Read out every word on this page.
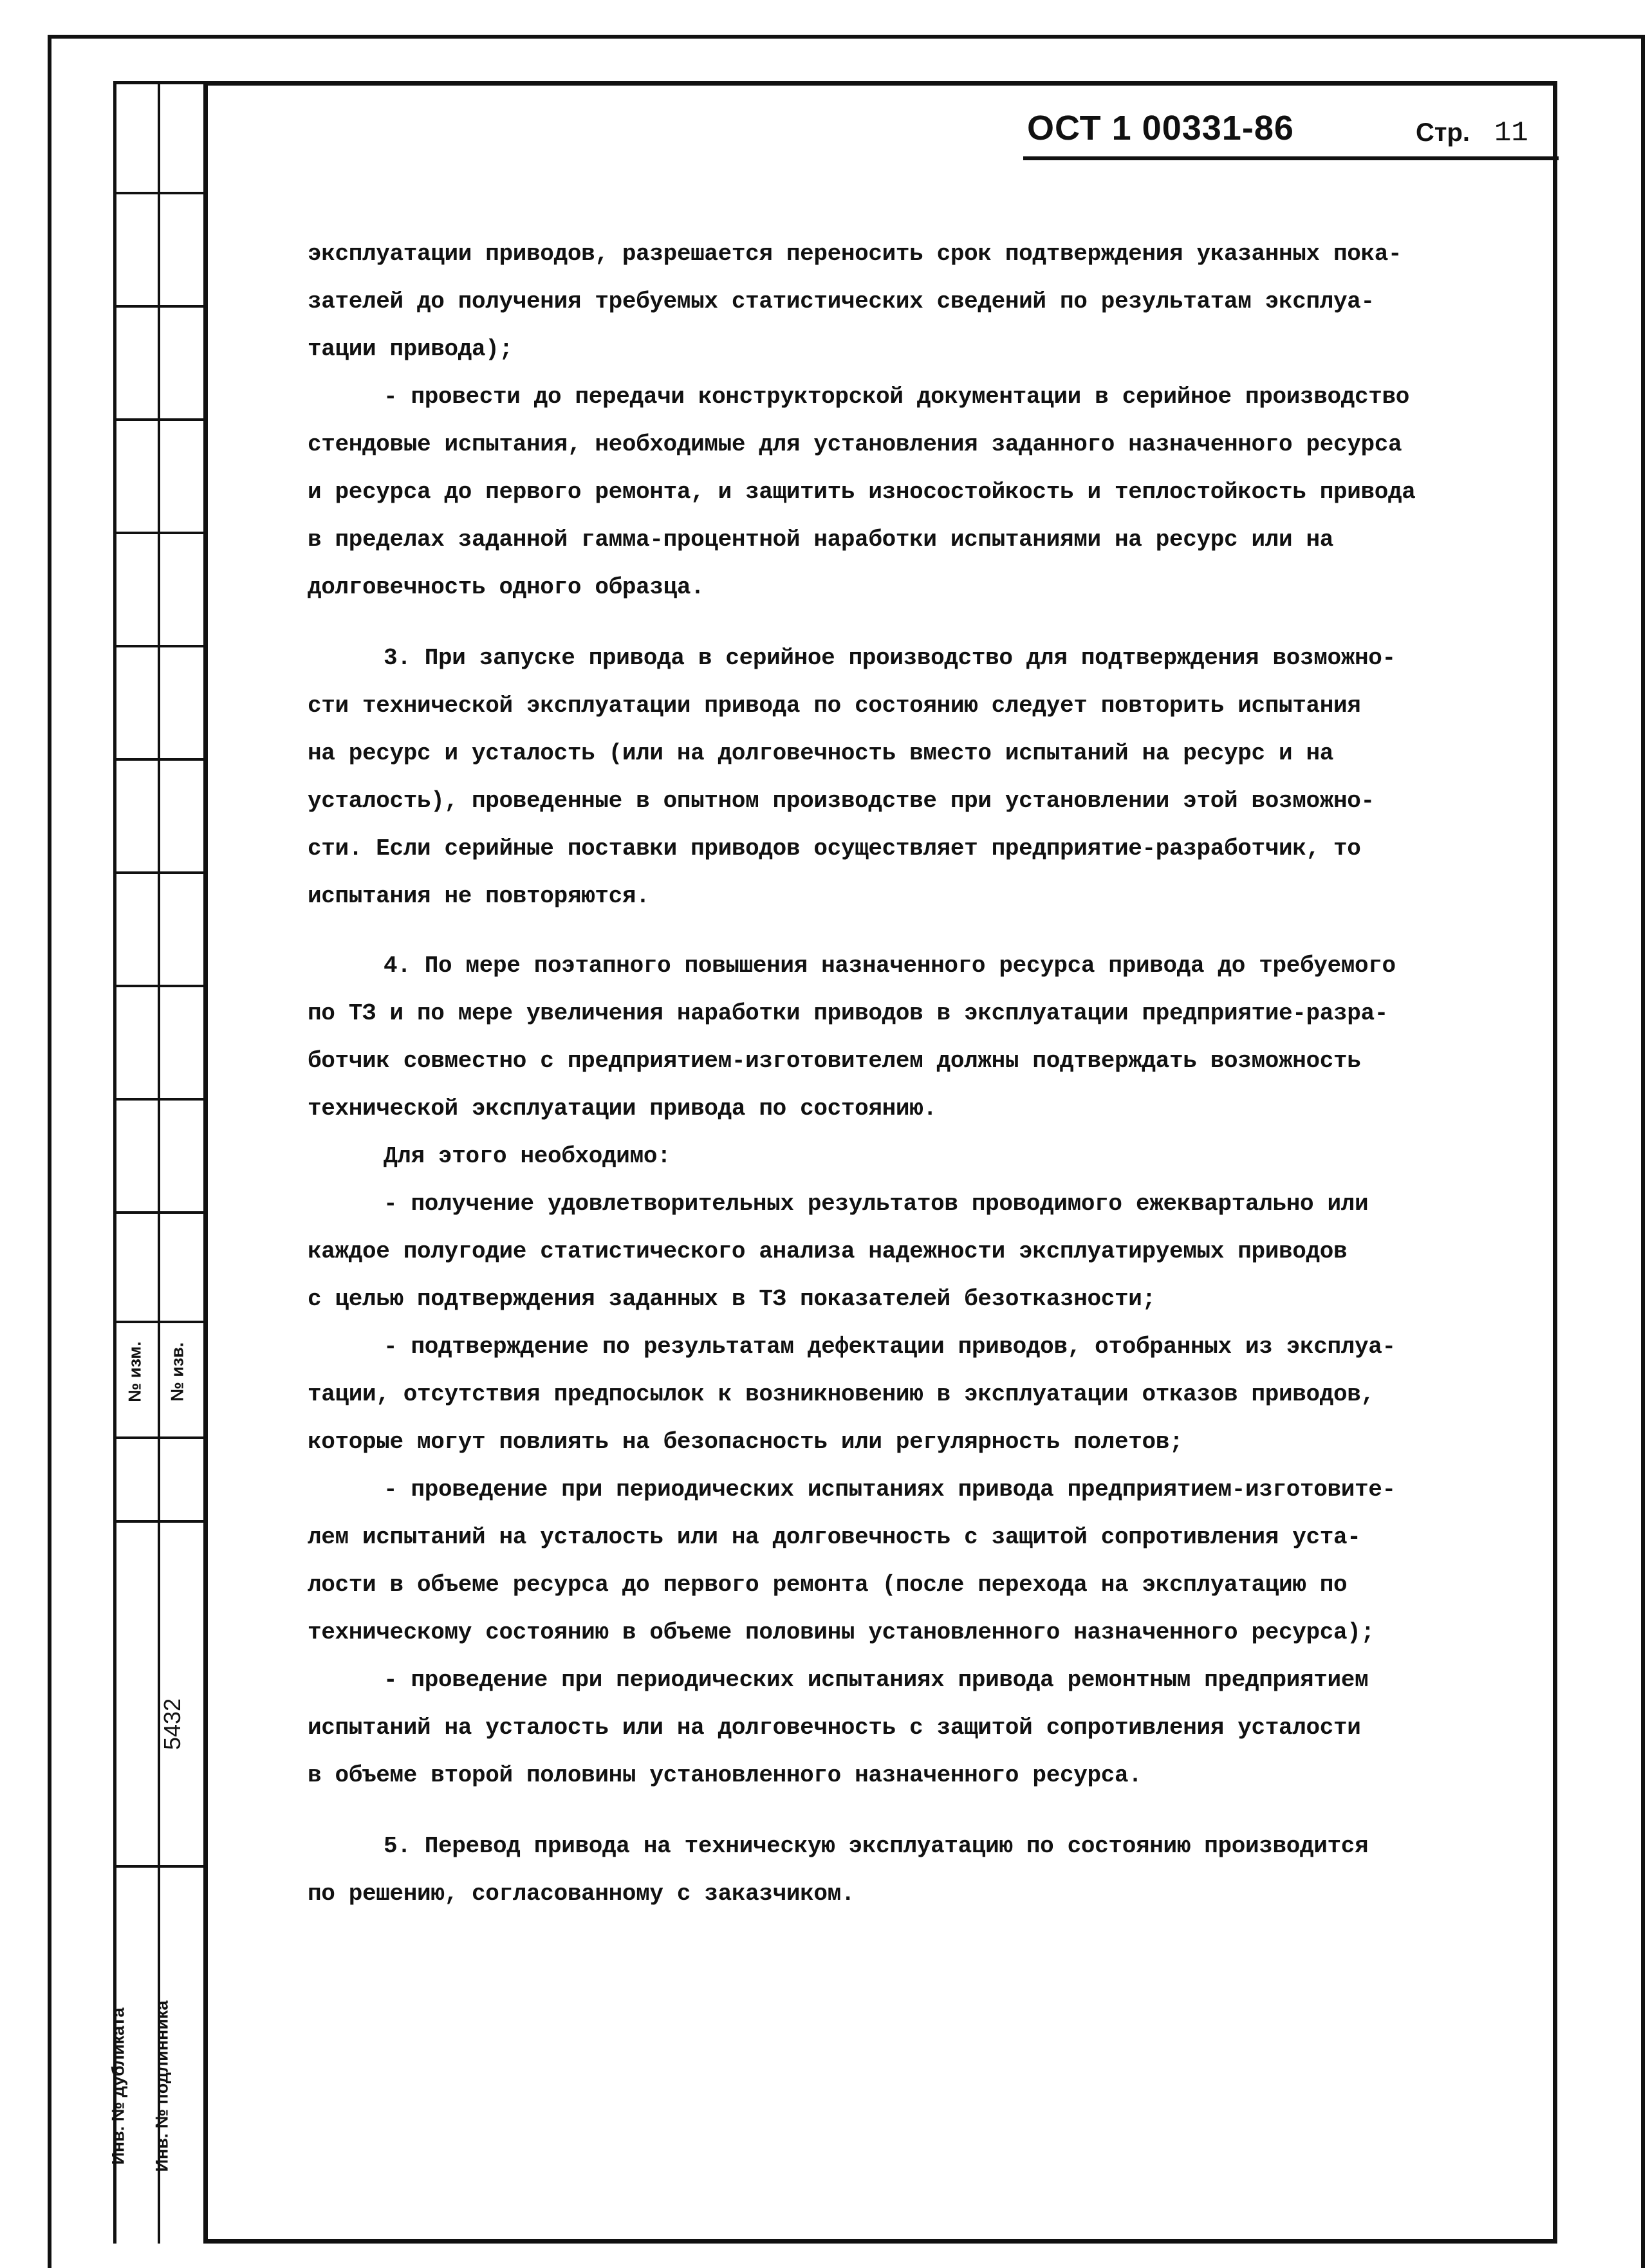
№ изм. № изв.
5432
Инв. № дубликата Инв. № подлинника
ОСТ 1 00331-86	Стр. 11
эксплуатации приводов, разрешается переносить срок подтверждения указанных пока-
зателей до получения требуемых статистических сведений по результатам эксплуа-
тации привода);
- провести до передачи конструкторской документации в серийное производство
стендовые испытания, необходимые для установления заданного назначенного ресурса
и ресурса до первого ремонта, и защитить износостойкость и теплостойкость привода
в пределах заданной гамма-процентной наработки испытаниями на ресурс или на
долговечность одного образца.
3. При запуске привода в серийное производство для подтверждения возможно-
сти технической эксплуатации привода по состоянию следует повторить испытания
на ресурс и усталость (или на долговечность вместо испытаний на ресурс и на
усталость), проведенные в опытном производстве при установлении этой возможно-
сти. Если серийные поставки приводов осуществляет предприятие-разработчик, то
испытания не повторяются.
4. По мере поэтапного повышения назначенного ресурса привода до требуемого
по ТЗ и по мере увеличения наработки приводов в эксплуатации предприятие-разра-
ботчик совместно с предприятием-изготовителем должны подтверждать возможность
технической эксплуатации привода по состоянию.
Для этого необходимо:
- получение удовлетворительных результатов проводимого ежеквартально или
каждое полугодие статистического анализа надежности эксплуатируемых приводов
с целью подтверждения заданных в ТЗ показателей безотказности;
- подтверждение по результатам дефектации приводов, отобранных из эксплуа-
тации, отсутствия предпосылок к возникновению в эксплуатации отказов приводов,
которые могут повлиять на безопасность или регулярность полетов;
- проведение при периодических испытаниях привода предприятием-изготовите-
лем испытаний на усталость или на долговечность с защитой сопротивления уста-
лости в объеме ресурса до первого ремонта (после перехода на эксплуатацию по
техническому состоянию в объеме половины установленного назначенного ресурса);
- проведение при периодических испытаниях привода ремонтным предприятием
испытаний на усталость или на долговечность с защитой сопротивления усталости
в объеме второй половины установленного назначенного ресурса.
5. Перевод привода на техническую эксплуатацию по состоянию производится
по решению, согласованному с заказчиком.
